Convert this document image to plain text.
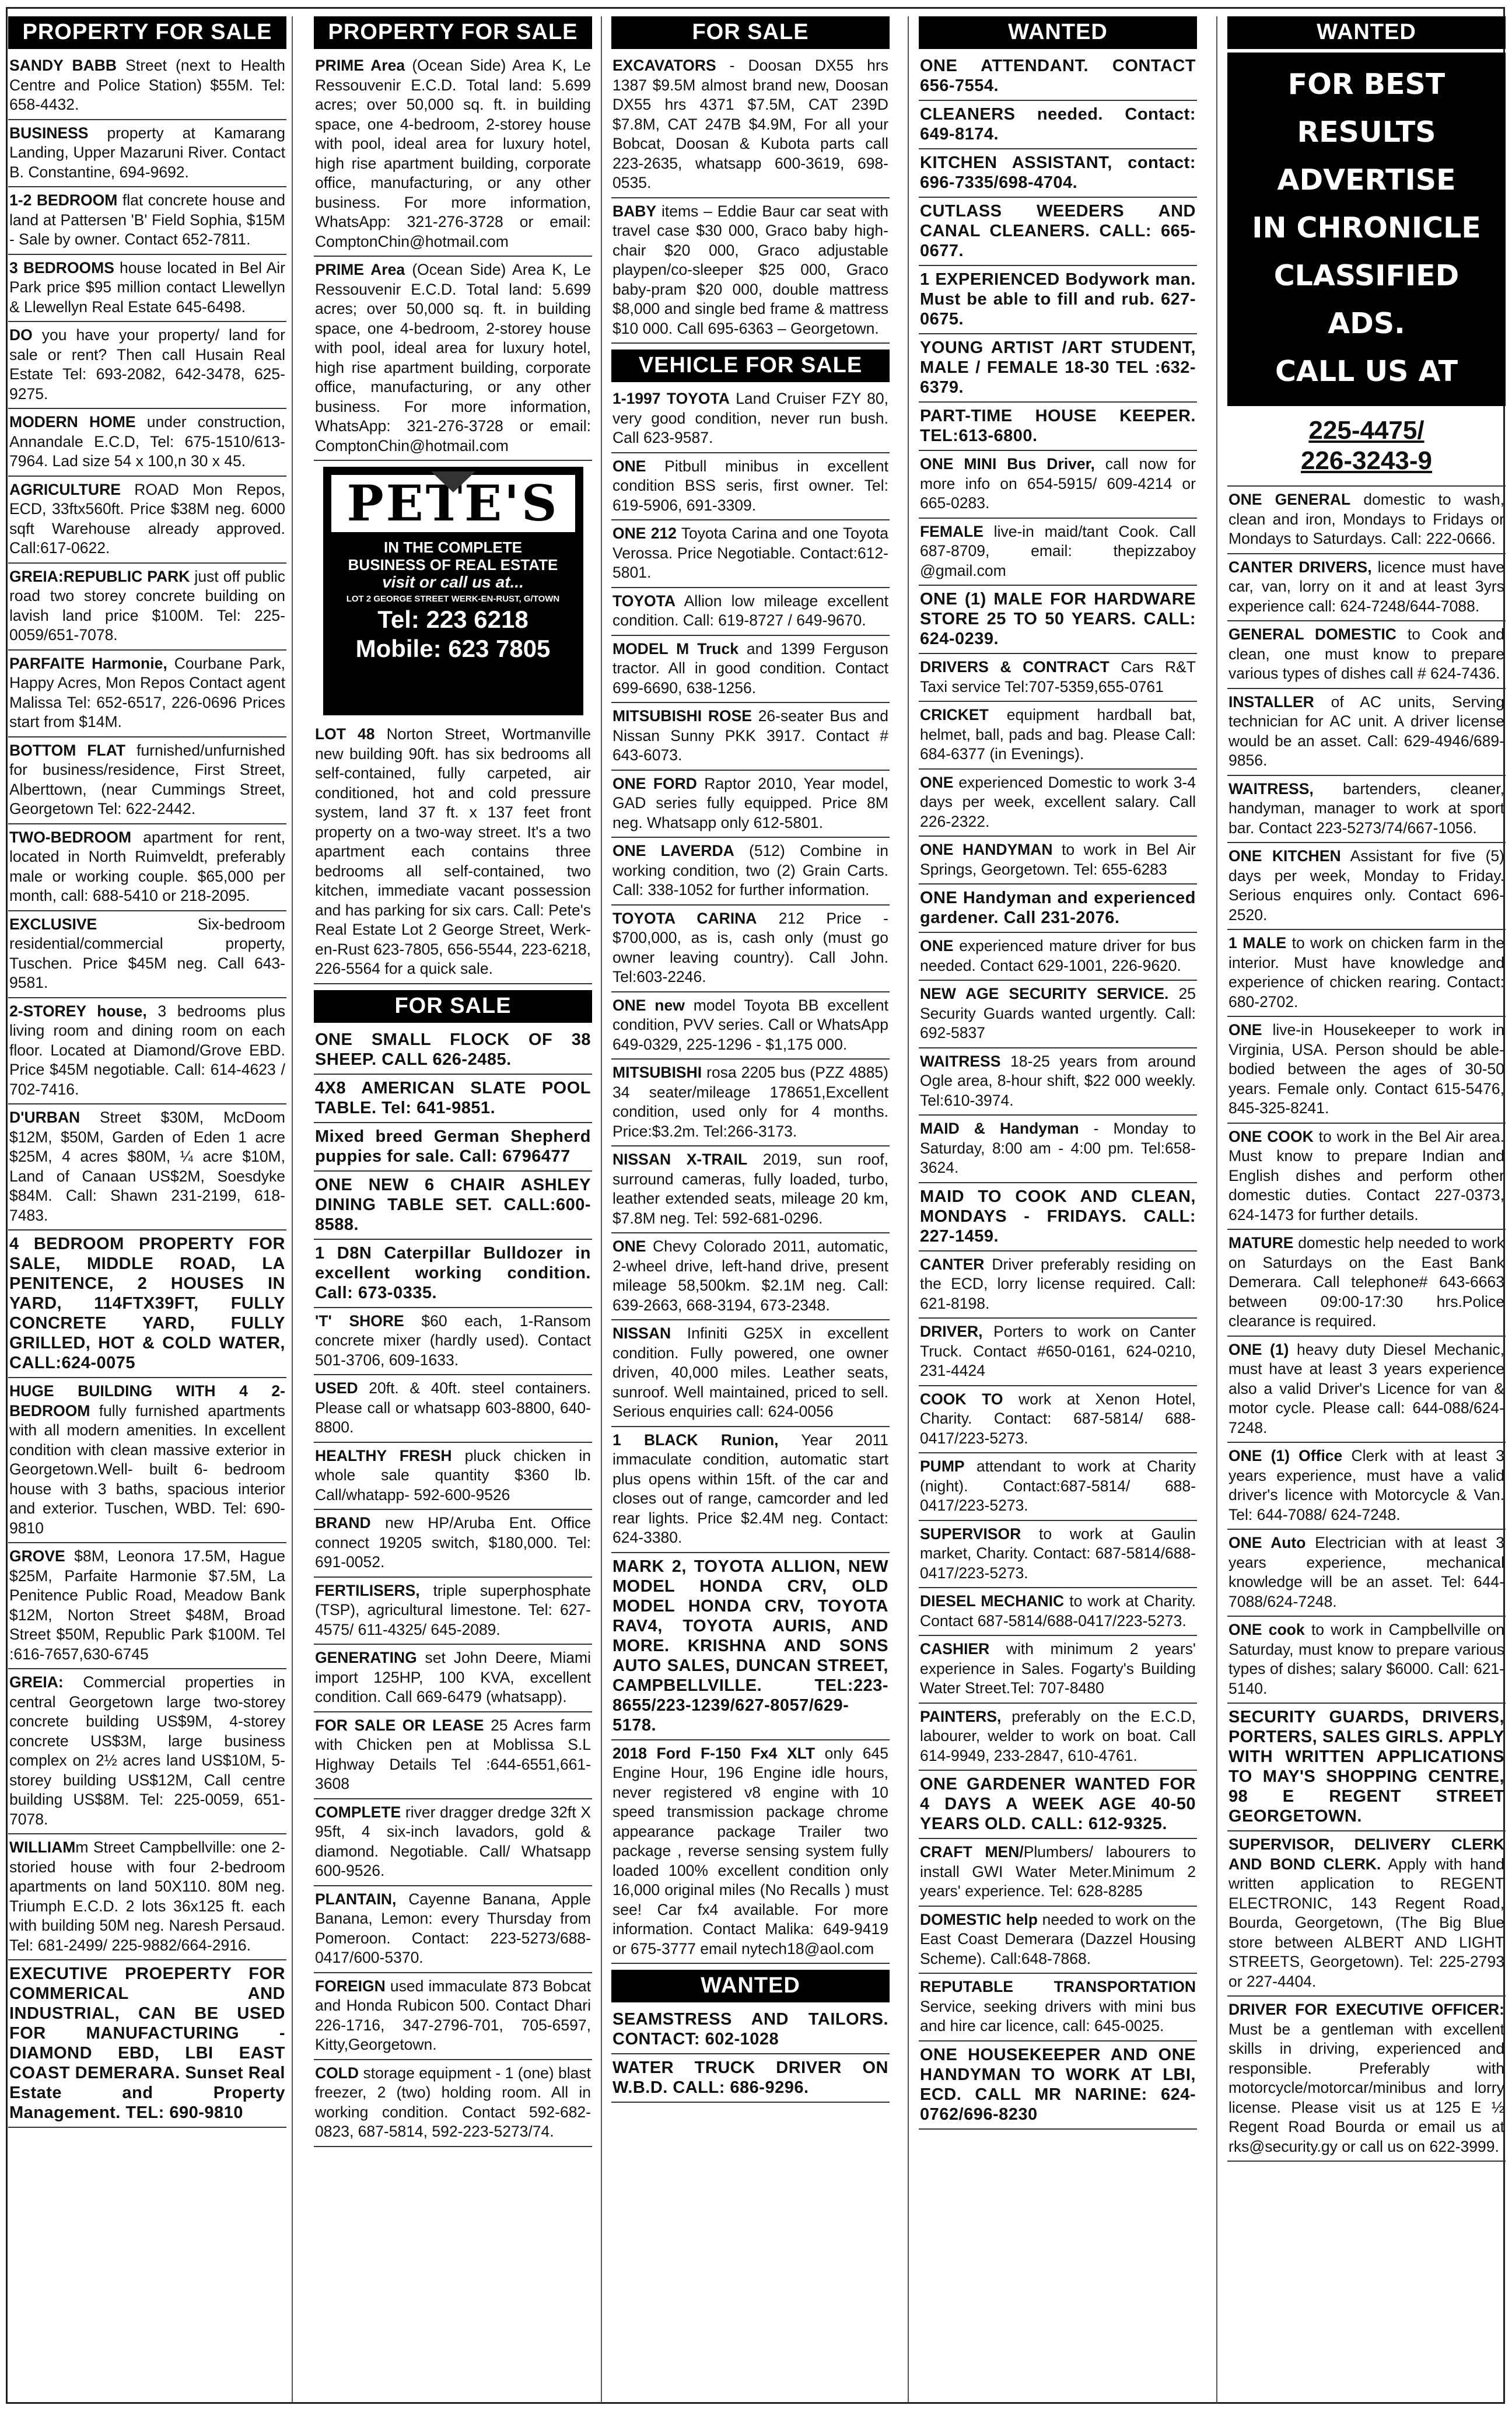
PROPERTY FOR SALE

SANDY BABB Street (next to Health Centre and Police Station) $55M. Tel: 658-4432.

BUSINESS property at Kamarang Landing, Upper Mazaruni River. Contact B. Constantine, 694-9692.

1-2 BEDROOM flat concrete house and land at Pattersen 'B' Field Sophia, $15M - Sale by owner. Contact 652-7811.

3 BEDROOMS house located in Bel Air Park price $95 million contact Llewellyn & Llewellyn Real Estate 645-6498.

DO you have your property/ land for sale or rent? Then call Husain Real Estate Tel: 693-2082, 642-3478, 625-9275.

MODERN HOME under construction, Annandale E.C.D, Tel: 675-1510/613-7964. Lad size 54 x 100,n 30 x 45.

AGRICULTURE ROAD Mon Repos, ECD, 33ftx560ft. Price $38M neg. 6000 sqft Warehouse already approved. Call:617-0622.

GREIA:REPUBLIC PARK just off public road two storey concrete building on lavish land price $100M. Tel: 225-0059/651-7078.

PARFAITE Harmonie, Courbane Park, Happy Acres, Mon Repos Contact agent Malissa Tel: 652-6517, 226-0696 Prices start from $14M.

BOTTOM FLAT furnished/unfurnished for business/residence, First Street, Alberttown, (near Cummings Street, Georgetown Tel: 622-2442.

TWO-BEDROOM apartment for rent, located in North Ruimveldt, preferably male or working couple. $65,000 per month, call: 688-5410 or 218-2095.

EXCLUSIVE Six-bedroom residential/commercial property, Tuschen. Price $45M neg. Call 643-9581.

2-STOREY house, 3 bedrooms plus living room and dining room on each floor. Located at Diamond/Grove EBD. Price $45M negotiable. Call: 614-4623 / 702-7416.

D'URBAN Street $30M, McDoom $12M, $50M, Garden of Eden 1 acre $25M, 4 acres $80M, ¼ acre $10M, Land of Canaan US$2M, Soesdyke $84M. Call: Shawn 231-2199, 618-7483.

4 BEDROOM PROPERTY FOR SALE, MIDDLE ROAD, LA PENITENCE, 2 HOUSES IN YARD, 114FTX39FT, FULLY CONCRETE YARD, FULLY GRILLED, HOT & COLD WATER, CALL:624-0075

HUGE BUILDING WITH 4 2- BEDROOM fully furnished apartments with all modern amenities. In excellent condition with clean massive exterior in Georgetown.Well- built 6- bedroom house with 3 baths, spacious interior and exterior. Tuschen, WBD. Tel: 690-9810

GROVE $8M, Leonora 17.5M, Hague $25M, Parfaite Harmonie $7.5M, La Penitence Public Road, Meadow Bank $12M, Norton Street $48M, Broad Street $50M, Republic Park $100M. Tel :616-7657,630-6745

GREIA: Commercial properties in central Georgetown large two-storey concrete building US$9M, 4-storey concrete US$3M, large business complex on 2½ acres land US$10M, 5-storey building US$12M, Call centre building US$8M. Tel: 225-0059, 651-7078.

WILLIAMm Street Campbellville: one 2-storied house with four 2-bedroom apartments on land 50X110. 80M neg. Triumph E.C.D. 2 lots 36x125 ft. each with building 50M neg. Naresh Persaud. Tel: 681-2499/ 225-9882/664-2916.

EXECUTIVE PROEPERTY FOR COMMERICAL AND INDUSTRIAL, CAN BE USED FOR MANUFACTURING - DIAMOND EBD, LBI EAST COAST DEMERARA. Sunset Real Estate and Property Management. TEL: 690-9810

PROPERTY FOR SALE

PRIME Area (Ocean Side) Area K, Le Ressouvenir E.C.D. Total land: 5.699 acres; over 50,000 sq. ft. in building space, one 4-bedroom, 2-storey house with pool, ideal area for luxury hotel, high rise apartment building, corporate office, manufacturing, or any other business. For more information, WhatsApp: 321-276-3728 or email: ComptonChin@hotmail.com

PRIME Area (Ocean Side) Area K, Le Ressouvenir E.C.D. Total land: 5.699 acres; over 50,000 sq. ft. in building space, one 4-bedroom, 2-storey house with pool, ideal area for luxury hotel, high rise apartment building, corporate office, manufacturing, or any other business. For more information, WhatsApp: 321-276-3728 or email: ComptonChin@hotmail.com

PETE'S
IN THE COMPLETE
BUSINESS OF REAL ESTATE
visit or call us at...
LOT 2 GEORGE STREET WERK-EN-RUST, G/TOWN
Tel: 223 6218
Mobile: 623 7805

LOT 48 Norton Street, Wortmanville new building 90ft. has six bedrooms all self-contained, fully carpeted, air conditioned, hot and cold pressure system, land 37 ft. x 137 feet front property on a two-way street. It's a two apartment each contains three bedrooms all self-contained, two kitchen, immediate vacant possession and has parking for six cars. Call: Pete's Real Estate Lot 2 George Street, Werk-en-Rust 623-7805, 656-5544, 223-6218, 226-5564 for a quick sale.

FOR SALE

ONE SMALL FLOCK OF 38 SHEEP. CALL 626-2485.

4X8 AMERICAN SLATE POOL TABLE. Tel: 641-9851.

Mixed breed German Shepherd puppies for sale. Call: 6796477

ONE NEW 6 CHAIR ASHLEY DINING TABLE SET. CALL:600-8588.

1 D8N Caterpillar Bulldozer in excellent working condition. Call: 673-0335.

'T' SHORE $60 each, 1-Ransom concrete mixer (hardly used). Contact 501-3706, 609-1633.

USED 20ft. & 40ft. steel containers. Please call or whatsapp 603-8800, 640-8800.

HEALTHY FRESH pluck chicken in whole sale quantity $360 lb. Call/whatapp- 592-600-9526

BRAND new HP/Aruba Ent. Office connect 19205 switch, $180,000. Tel: 691-0052.

FERTILISERS, triple superphosphate (TSP), agricultural limestone. Tel: 627-4575/ 611-4325/ 645-2089.

GENERATING set John Deere, Miami import 125HP, 100 KVA, excellent condition. Call 669-6479 (whatsapp).

FOR SALE OR LEASE 25 Acres farm with Chicken pen at Moblissa S.L Highway Details Tel :644-6551,661-3608

COMPLETE river dragger dredge 32ft X 95ft, 4 six-inch lavadors, gold & diamond. Negotiable. Call/ Whatsapp 600-9526.

PLANTAIN, Cayenne Banana, Apple Banana, Lemon: every Thursday from Pomeroon. Contact: 223-5273/688-0417/600-5370.

FOREIGN used immaculate 873 Bobcat and Honda Rubicon 500. Contact Dhari 226-1716, 347-2796-701, 705-6597, Kitty,Georgetown.

COLD storage equipment - 1 (one) blast freezer, 2 (two) holding room. All in working condition. Contact 592-682-0823, 687-5814, 592-223-5273/74.

FOR SALE

EXCAVATORS - Doosan DX55 hrs 1387 $9.5M almost brand new, Doosan DX55 hrs 4371 $7.5M, CAT 239D $7.8M, CAT 247B $4.9M, For all your Bobcat, Doosan & Kubota parts call 223-2635, whatsapp 600-3619, 698-0535.

BABY items – Eddie Baur car seat with travel case $30 000, Graco baby high-chair $20 000, Graco adjustable playpen/co-sleeper $25 000, Graco baby-pram $20 000, double mattress $8,000 and single bed frame & mattress $10 000. Call 695-6363 – Georgetown.

VEHICLE FOR SALE

1-1997 TOYOTA Land Cruiser FZY 80, very good condition, never run bush. Call 623-9587.

ONE Pitbull minibus in excellent condition BSS seris, first owner. Tel: 619-5906, 691-3309.

ONE 212 Toyota Carina and one Toyota Verossa. Price Negotiable. Contact:612-5801.

TOYOTA Allion low mileage excellent condition. Call: 619-8727 / 649-9670.

MODEL M Truck and 1399 Ferguson tractor. All in good condition. Contact 699-6690, 638-1256.

MITSUBISHI ROSE 26-seater Bus and Nissan Sunny PKK 3917. Contact # 643-6073.

ONE FORD Raptor 2010, Year model, GAD series fully equipped. Price 8M neg. Whatsapp only 612-5801.

ONE LAVERDA (512) Combine in working condition, two (2) Grain Carts. Call: 338-1052 for further information.

TOYOTA CARINA 212 Price - $700,000, as is, cash only (must go owner leaving country). Call John. Tel:603-2246.

ONE new model Toyota BB excellent condition, PVV series. Call or WhatsApp 649-0329, 225-1296 - $1,175 000.

MITSUBISHI rosa 2205 bus (PZZ 4885) 34 seater/mileage 178651,Excellent condition, used only for 4 months. Price:$3.2m. Tel:266-3173.

NISSAN X-TRAIL 2019, sun roof, surround cameras, fully loaded, turbo, leather extended seats, mileage 20 km, $7.8M neg. Tel: 592-681-0296.

ONE Chevy Colorado 2011, automatic, 2-wheel drive, left-hand drive, present mileage 58,500km. $2.1M neg. Call: 639-2663, 668-3194, 673-2348.

NISSAN Infiniti G25X in excellent condition. Fully powered, one owner driven, 40,000 miles. Leather seats, sunroof. Well maintained, priced to sell. Serious enquiries call: 624-0056

1 BLACK Runion, Year 2011 immaculate condition, automatic start plus opens within 15ft. of the car and closes out of range, camcorder and led rear lights. Price $2.4M neg. Contact: 624-3380.

MARK 2, TOYOTA ALLION, NEW MODEL HONDA CRV, OLD MODEL HONDA CRV, TOYOTA RAV4, TOYOTA AURIS, AND MORE. KRISHNA AND SONS AUTO SALES, DUNCAN STREET, CAMPBELLVILLE. TEL:223-8655/223-1239/627-8057/629-5178.

2018 Ford F-150 Fx4 XLT only 645 Engine Hour, 196 Engine idle hours, never registered v8 engine with 10 speed transmission package chrome appearance package Trailer two package , reverse sensing system fully loaded 100% excellent condition only 16,000 original miles (No Recalls ) must see! Car fx4 available. For more information. Contact Malika: 649-9419 or 675-3777 email nytech18@aol.com

WANTED

SEAMSTRESS AND TAILORS. CONTACT: 602-1028

WATER TRUCK DRIVER ON W.B.D. CALL: 686-9296.

WANTED

ONE ATTENDANT. CONTACT 656-7554.

CLEANERS needed. Contact: 649-8174.

KITCHEN ASSISTANT, contact: 696-7335/698-4704.

CUTLASS WEEDERS AND CANAL CLEANERS. CALL: 665-0677.

1 EXPERIENCED Bodywork man. Must be able to fill and rub. 627-0675.

YOUNG ARTIST /ART STUDENT, MALE / FEMALE 18-30 TEL :632-6379.

PART-TIME HOUSE KEEPER. TEL:613-6800.

ONE MINI Bus Driver, call now for more info on 654-5915/ 609-4214 or 665-0283.

FEMALE live-in maid/tant Cook. Call 687-8709, email: thepizzaboy @gmail.com

ONE (1) MALE FOR HARDWARE STORE 25 TO 50 YEARS. CALL: 624-0239.

DRIVERS & CONTRACT Cars R&T Taxi service Tel:707-5359,655-0761

CRICKET equipment hardball bat, helmet, ball, pads and bag. Please Call: 684-6377 (in Evenings).

ONE experienced Domestic to work 3-4 days per week, excellent salary. Call 226-2322.

ONE HANDYMAN to work in Bel Air Springs, Georgetown. Tel: 655-6283

ONE Handyman and experienced gardener. Call 231-2076.

ONE experienced mature driver for bus needed. Contact 629-1001, 226-9620.

NEW AGE SECURITY SERVICE. 25 Security Guards wanted urgently. Call: 692-5837

WAITRESS 18-25 years from around Ogle area, 8-hour shift, $22 000 weekly. Tel:610-3974.

MAID & Handyman - Monday to Saturday, 8:00 am - 4:00 pm. Tel:658-3624.

MAID TO COOK AND CLEAN, MONDAYS - FRIDAYS. CALL: 227-1459.

CANTER Driver preferably residing on the ECD, lorry license required. Call: 621-8198.

DRIVER, Porters to work on Canter Truck. Contact #650-0161, 624-0210, 231-4424

COOK TO work at Xenon Hotel, Charity. Contact: 687-5814/ 688-0417/223-5273.

PUMP attendant to work at Charity (night). Contact:687-5814/ 688-0417/223-5273.

SUPERVISOR to work at Gaulin market, Charity. Contact: 687-5814/688-0417/223-5273.

DIESEL MECHANIC to work at Charity. Contact 687-5814/688-0417/223-5273.

CASHIER with minimum 2 years' experience in Sales. Fogarty's Building Water Street.Tel: 707-8480

PAINTERS, preferably on the E.C.D, labourer, welder to work on boat. Call 614-9949, 233-2847, 610-4761.

ONE GARDENER WANTED FOR 4 DAYS A WEEK AGE 40-50 YEARS OLD. CALL: 612-9325.

CRAFT MEN/Plumbers/ labourers to install GWI Water Meter.Minimum 2 years' experience. Tel: 628-8285

DOMESTIC help needed to work on the East Coast Demerara (Dazzel Housing Scheme). Call:648-7868.

REPUTABLE TRANSPORTATION Service, seeking drivers with mini bus and hire car licence, call: 645-0025.

ONE HOUSEKEEPER AND ONE HANDYMAN TO WORK AT LBI, ECD. CALL MR NARINE: 624-0762/696-8230

WANTED
FOR BEST RESULTS
ADVERTISE
IN CHRONICLE
CLASSIFIED ADS.
CALL US AT
225-4475/
226-3243-9

ONE GENERAL domestic to wash, clean and iron, Mondays to Fridays or Mondays to Saturdays. Call: 222-0666.

CANTER DRIVERS, licence must have car, van, lorry on it and at least 3yrs experience call: 624-7248/644-7088.

GENERAL DOMESTIC to Cook and clean, one must know to prepare various types of dishes call # 624-7436.

INSTALLER of AC units, Serving technician for AC unit. A driver license would be an asset. Call: 629-4946/689-9856.

WAITRESS, bartenders, cleaner, handyman, manager to work at sport bar. Contact 223-5273/74/667-1056.

ONE KITCHEN Assistant for five (5) days per week, Monday to Friday. Serious enquires only. Contact 696-2520.

1 MALE to work on chicken farm in the interior. Must have knowledge and experience of chicken rearing. Contact: 680-2702.

ONE live-in Housekeeper to work in Virginia, USA. Person should be able-bodied between the ages of 30-50 years. Female only. Contact 615-5476, 845-325-8241.

ONE COOK to work in the Bel Air area. Must know to prepare Indian and English dishes and perform other domestic duties. Contact 227-0373, 624-1473 for further details.

MATURE domestic help needed to work on Saturdays on the East Bank Demerara. Call telephone# 643-6663 between 09:00-17:30 hrs.Police clearance is required.

ONE (1) heavy duty Diesel Mechanic, must have at least 3 years experience also a valid Driver's Licence for van & motor cycle. Please call: 644-088/624-7248.

ONE (1) Office Clerk with at least 3 years experience, must have a valid driver's licence with Motorcycle & Van. Tel: 644-7088/ 624-7248.

ONE Auto Electrician with at least 3 years experience, mechanical knowledge will be an asset. Tel: 644-7088/624-7248.

ONE cook to work in Campbellville on Saturday, must know to prepare various types of dishes; salary $6000. Call: 621-5140.

SECURITY GUARDS, DRIVERS, PORTERS, SALES GIRLS. APPLY WITH WRITTEN APPLICATIONS TO MAY'S SHOPPING CENTRE, 98 E REGENT STREET GEORGETOWN.

SUPERVISOR, DELIVERY CLERK AND BOND CLERK. Apply with hand written application to REGENT ELECTRONIC, 143 Regent Road, Bourda, Georgetown, (The Big Blue store between ALBERT AND LIGHT STREETS, Georgetown). Tel: 225-2793 or 227-4404.

DRIVER FOR EXECUTIVE OFFICER: Must be a gentleman with excellent skills in driving, experienced and responsible. Preferably with motorcycle/motorcar/minibus and lorry license. Please visit us at 125 E ½ Regent Road Bourda or email us at rks@security.gy or call us on 622-3999.
